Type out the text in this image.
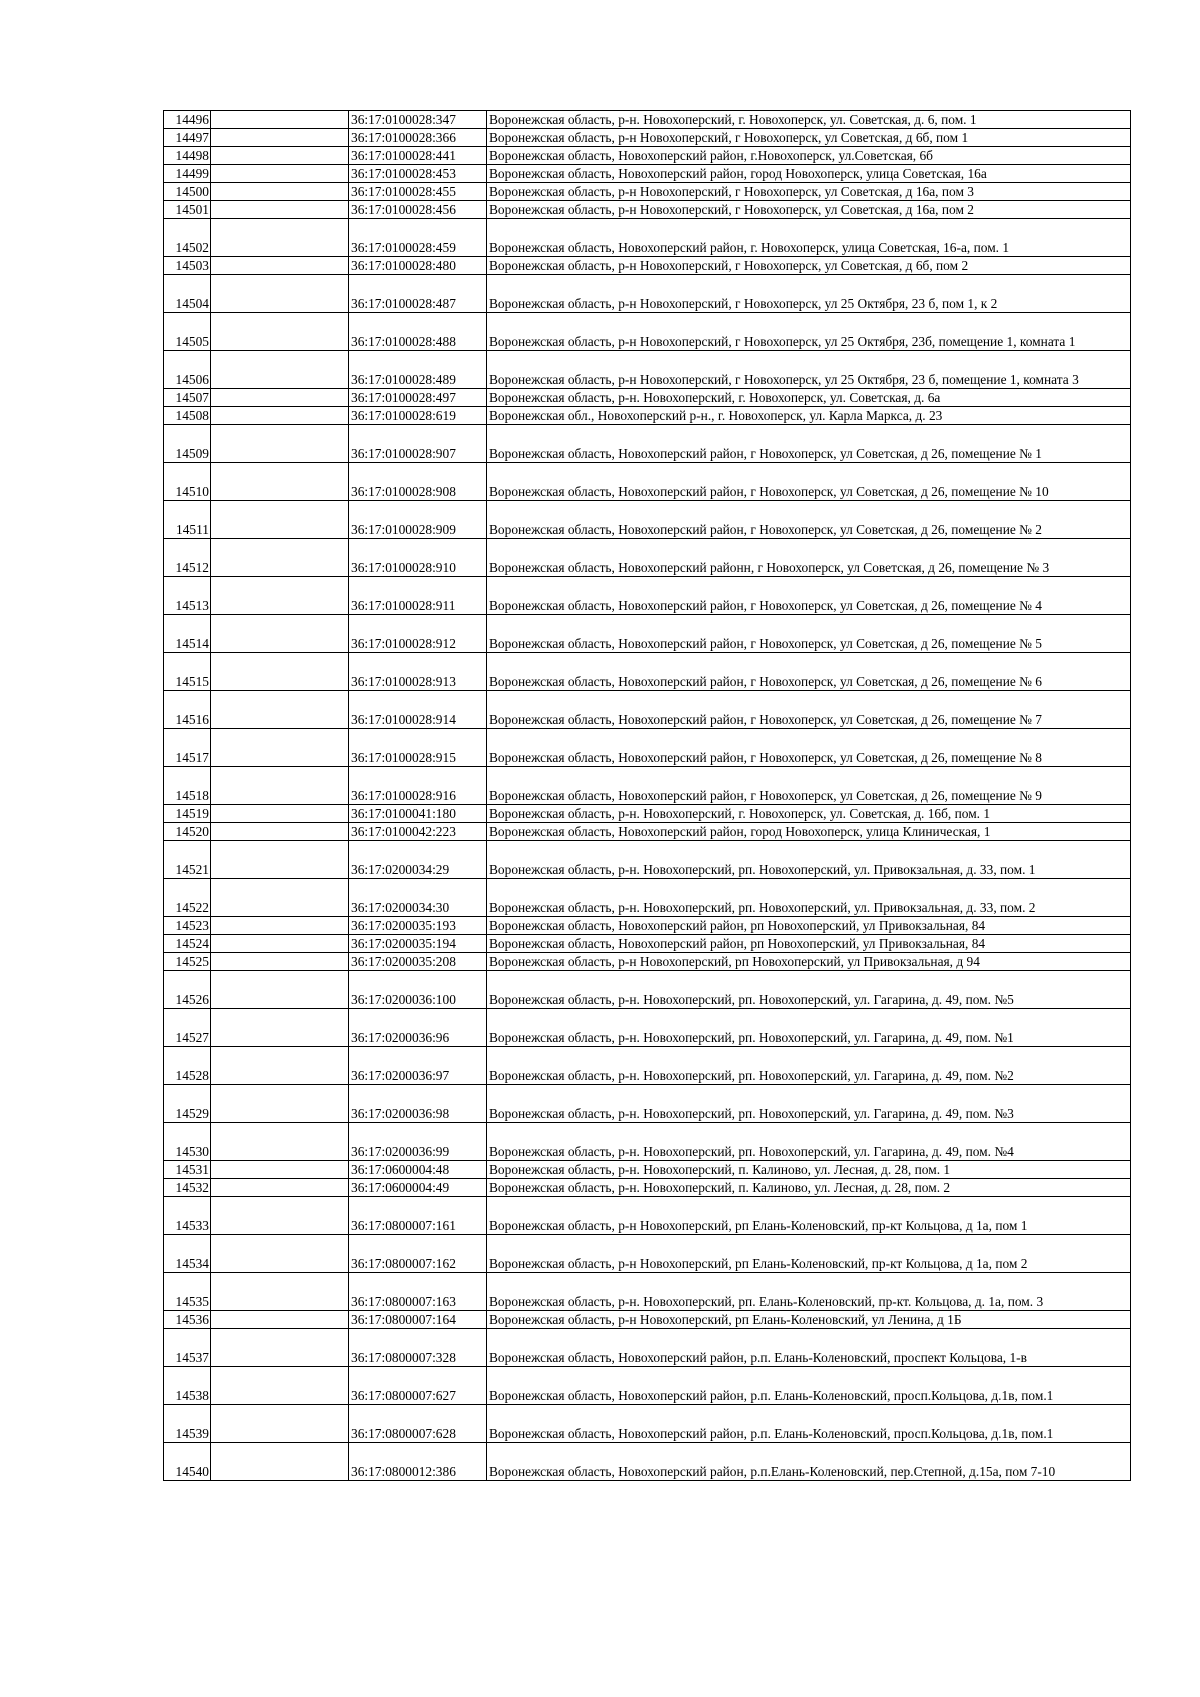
14496		36:17:0100028:347	Воронежская область, р-н. Новохоперский, г. Новохоперск, ул. Советская, д. 6, пом. 1
14497		36:17:0100028:366	Воронежская область, р-н Новохоперский, г Новохоперск, ул Советская, д 6б, пом 1
14498		36:17:0100028:441	Воронежская область, Новохоперский район, г.Новохоперск, ул.Советская, 6б
14499		36:17:0100028:453	Воронежская область, Новохоперский район, город Новохоперск, улица Советская, 16а
14500		36:17:0100028:455	Воронежская область, р-н Новохоперский, г Новохоперск, ул Советская, д 16а, пом 3
14501		36:17:0100028:456	Воронежская область, р-н Новохоперский, г Новохоперск, ул Советская, д 16а, пом 2
14502		36:17:0100028:459	Воронежская область, Новохоперский район, г. Новохоперск, улица Советская, 16-а, пом. 1
14503		36:17:0100028:480	Воронежская область, р-н Новохоперский, г Новохоперск, ул Советская, д 6б, пом 2
14504		36:17:0100028:487	Воронежская область, р-н Новохоперский, г Новохоперск, ул 25 Октября, 23 б, пом 1, к 2
14505		36:17:0100028:488	Воронежская область, р-н Новохоперский, г Новохоперск, ул 25 Октября, 23б, помещение 1, комната 1
14506		36:17:0100028:489	Воронежская область, р-н Новохоперский, г Новохоперск, ул 25 Октября, 23 б, помещение 1, комната 3
14507		36:17:0100028:497	Воронежская область, р-н. Новохоперский, г. Новохоперск, ул. Советская, д. 6а
14508		36:17:0100028:619	Воронежская обл., Новохоперский р-н., г. Новохоперск, ул. Карла Маркса, д. 23
14509		36:17:0100028:907	Воронежская область, Новохоперский район, г Новохоперск, ул Советская, д 26, помещение № 1
14510		36:17:0100028:908	Воронежская область, Новохоперский район, г Новохоперск, ул Советская, д 26, помещение № 10
14511		36:17:0100028:909	Воронежская область, Новохоперский район, г Новохоперск, ул Советская, д 26, помещение № 2
14512		36:17:0100028:910	Воронежская область, Новохоперский районн, г Новохоперск, ул Советская, д 26, помещение № 3
14513		36:17:0100028:911	Воронежская область, Новохоперский район, г Новохоперск, ул Советская, д 26, помещение № 4
14514		36:17:0100028:912	Воронежская область, Новохоперский район, г Новохоперск, ул Советская, д 26, помещение № 5
14515		36:17:0100028:913	Воронежская область, Новохоперский район, г Новохоперск, ул Советская, д 26, помещение № 6
14516		36:17:0100028:914	Воронежская область, Новохоперский район, г Новохоперск, ул Советская, д 26, помещение № 7
14517		36:17:0100028:915	Воронежская область, Новохоперский район, г Новохоперск, ул Советская, д 26, помещение № 8
14518		36:17:0100028:916	Воронежская область, Новохоперский район, г Новохоперск, ул Советская, д 26, помещение № 9
14519		36:17:0100041:180	Воронежская область, р-н. Новохоперский, г. Новохоперск, ул. Советская, д. 16б, пом. 1
14520		36:17:0100042:223	Воронежская область, Новохоперский район, город Новохоперск, улица Клиническая, 1
14521		36:17:0200034:29	Воронежская область, р-н. Новохоперский, рп. Новохоперский, ул. Привокзальная, д. 33, пом. 1
14522		36:17:0200034:30	Воронежская область, р-н. Новохоперский, рп. Новохоперский, ул. Привокзальная, д. 33, пом. 2
14523		36:17:0200035:193	Воронежская область, Новохоперский район, рп Новохоперский, ул Привокзальная, 84
14524		36:17:0200035:194	Воронежская область, Новохоперский район, рп Новохоперский, ул Привокзальная, 84
14525		36:17:0200035:208	Воронежская область, р-н Новохоперский, рп Новохоперский, ул Привокзальная, д 94
14526		36:17:0200036:100	Воронежская область, р-н. Новохоперский, рп. Новохоперский, ул. Гагарина, д. 49, пом. №5
14527		36:17:0200036:96	Воронежская область, р-н. Новохоперский, рп. Новохоперский, ул. Гагарина, д. 49, пом. №1
14528		36:17:0200036:97	Воронежская область, р-н. Новохоперский, рп. Новохоперский, ул. Гагарина, д. 49, пом. №2
14529		36:17:0200036:98	Воронежская область, р-н. Новохоперский, рп. Новохоперский, ул. Гагарина, д. 49, пом. №3
14530		36:17:0200036:99	Воронежская область, р-н. Новохоперский, рп. Новохоперский, ул. Гагарина, д. 49, пом. №4
14531		36:17:0600004:48	Воронежская область, р-н. Новохоперский, п. Калиново, ул. Лесная, д. 28, пом. 1
14532		36:17:0600004:49	Воронежская область, р-н. Новохоперский, п. Калиново, ул. Лесная, д. 28, пом. 2
14533		36:17:0800007:161	Воронежская область, р-н Новохоперский, рп Елань-Коленовский, пр-кт Кольцова, д 1а, пом 1
14534		36:17:0800007:162	Воронежская область, р-н Новохоперский, рп Елань-Коленовский, пр-кт Кольцова, д 1а, пом 2
14535		36:17:0800007:163	Воронежская область, р-н. Новохоперский, рп. Елань-Коленовский, пр-кт. Кольцова, д. 1а, пом. 3
14536		36:17:0800007:164	Воронежская область, р-н Новохоперский, рп Елань-Коленовский, ул Ленина, д 1Б
14537		36:17:0800007:328	Воронежская область, Новохоперский район, р.п. Елань-Коленовский, проспект Кольцова, 1-в
14538		36:17:0800007:627	Воронежская область, Новохоперский район, р.п. Елань-Коленовский, просп.Кольцова, д.1в, пом.1
14539		36:17:0800007:628	Воронежская область, Новохоперский район, р.п. Елань-Коленовский, просп.Кольцова, д.1в, пом.1
14540		36:17:0800012:386	Воронежская область, Новохоперский район, р.п.Елань-Коленовский, пер.Степной, д.15а, пом 7-10
